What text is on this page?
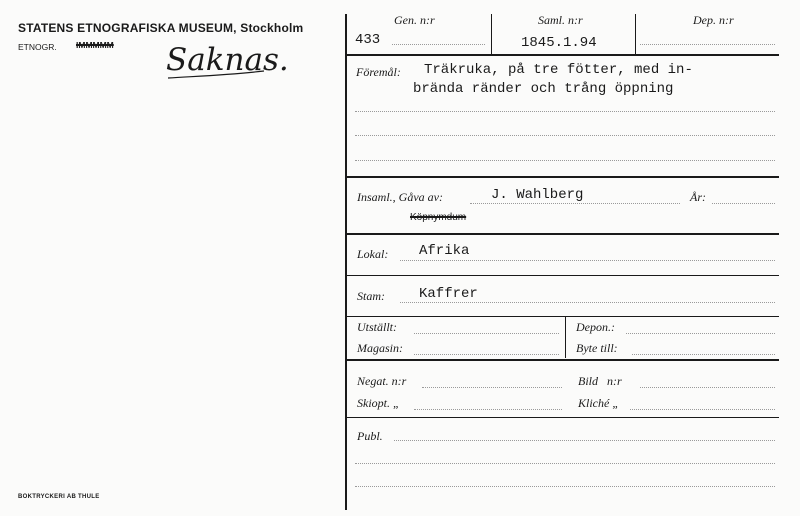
STATENS ETNOGRAFISKA MUSEUM, Stockholm
ETNOGR. IMMMMM Saknas.
BOKTRYCKERI AB THULE
Gen. n:r	Saml. n:r	Dep. n:r
433	1845.1.94
Föremål: Träkruka, på tre fötter, med in-
brända ränder och trång öppning
Insaml., Gåva av:	J. Wahlberg	År:
Köpnymdum
Lokal: Afrika
Stam: Kaffrer
Utställt:	Depon.:
Magasin:	Byte till:
Negat. n:r	Bild   n:r
Skiopt. „	Kliché „
Publ.
